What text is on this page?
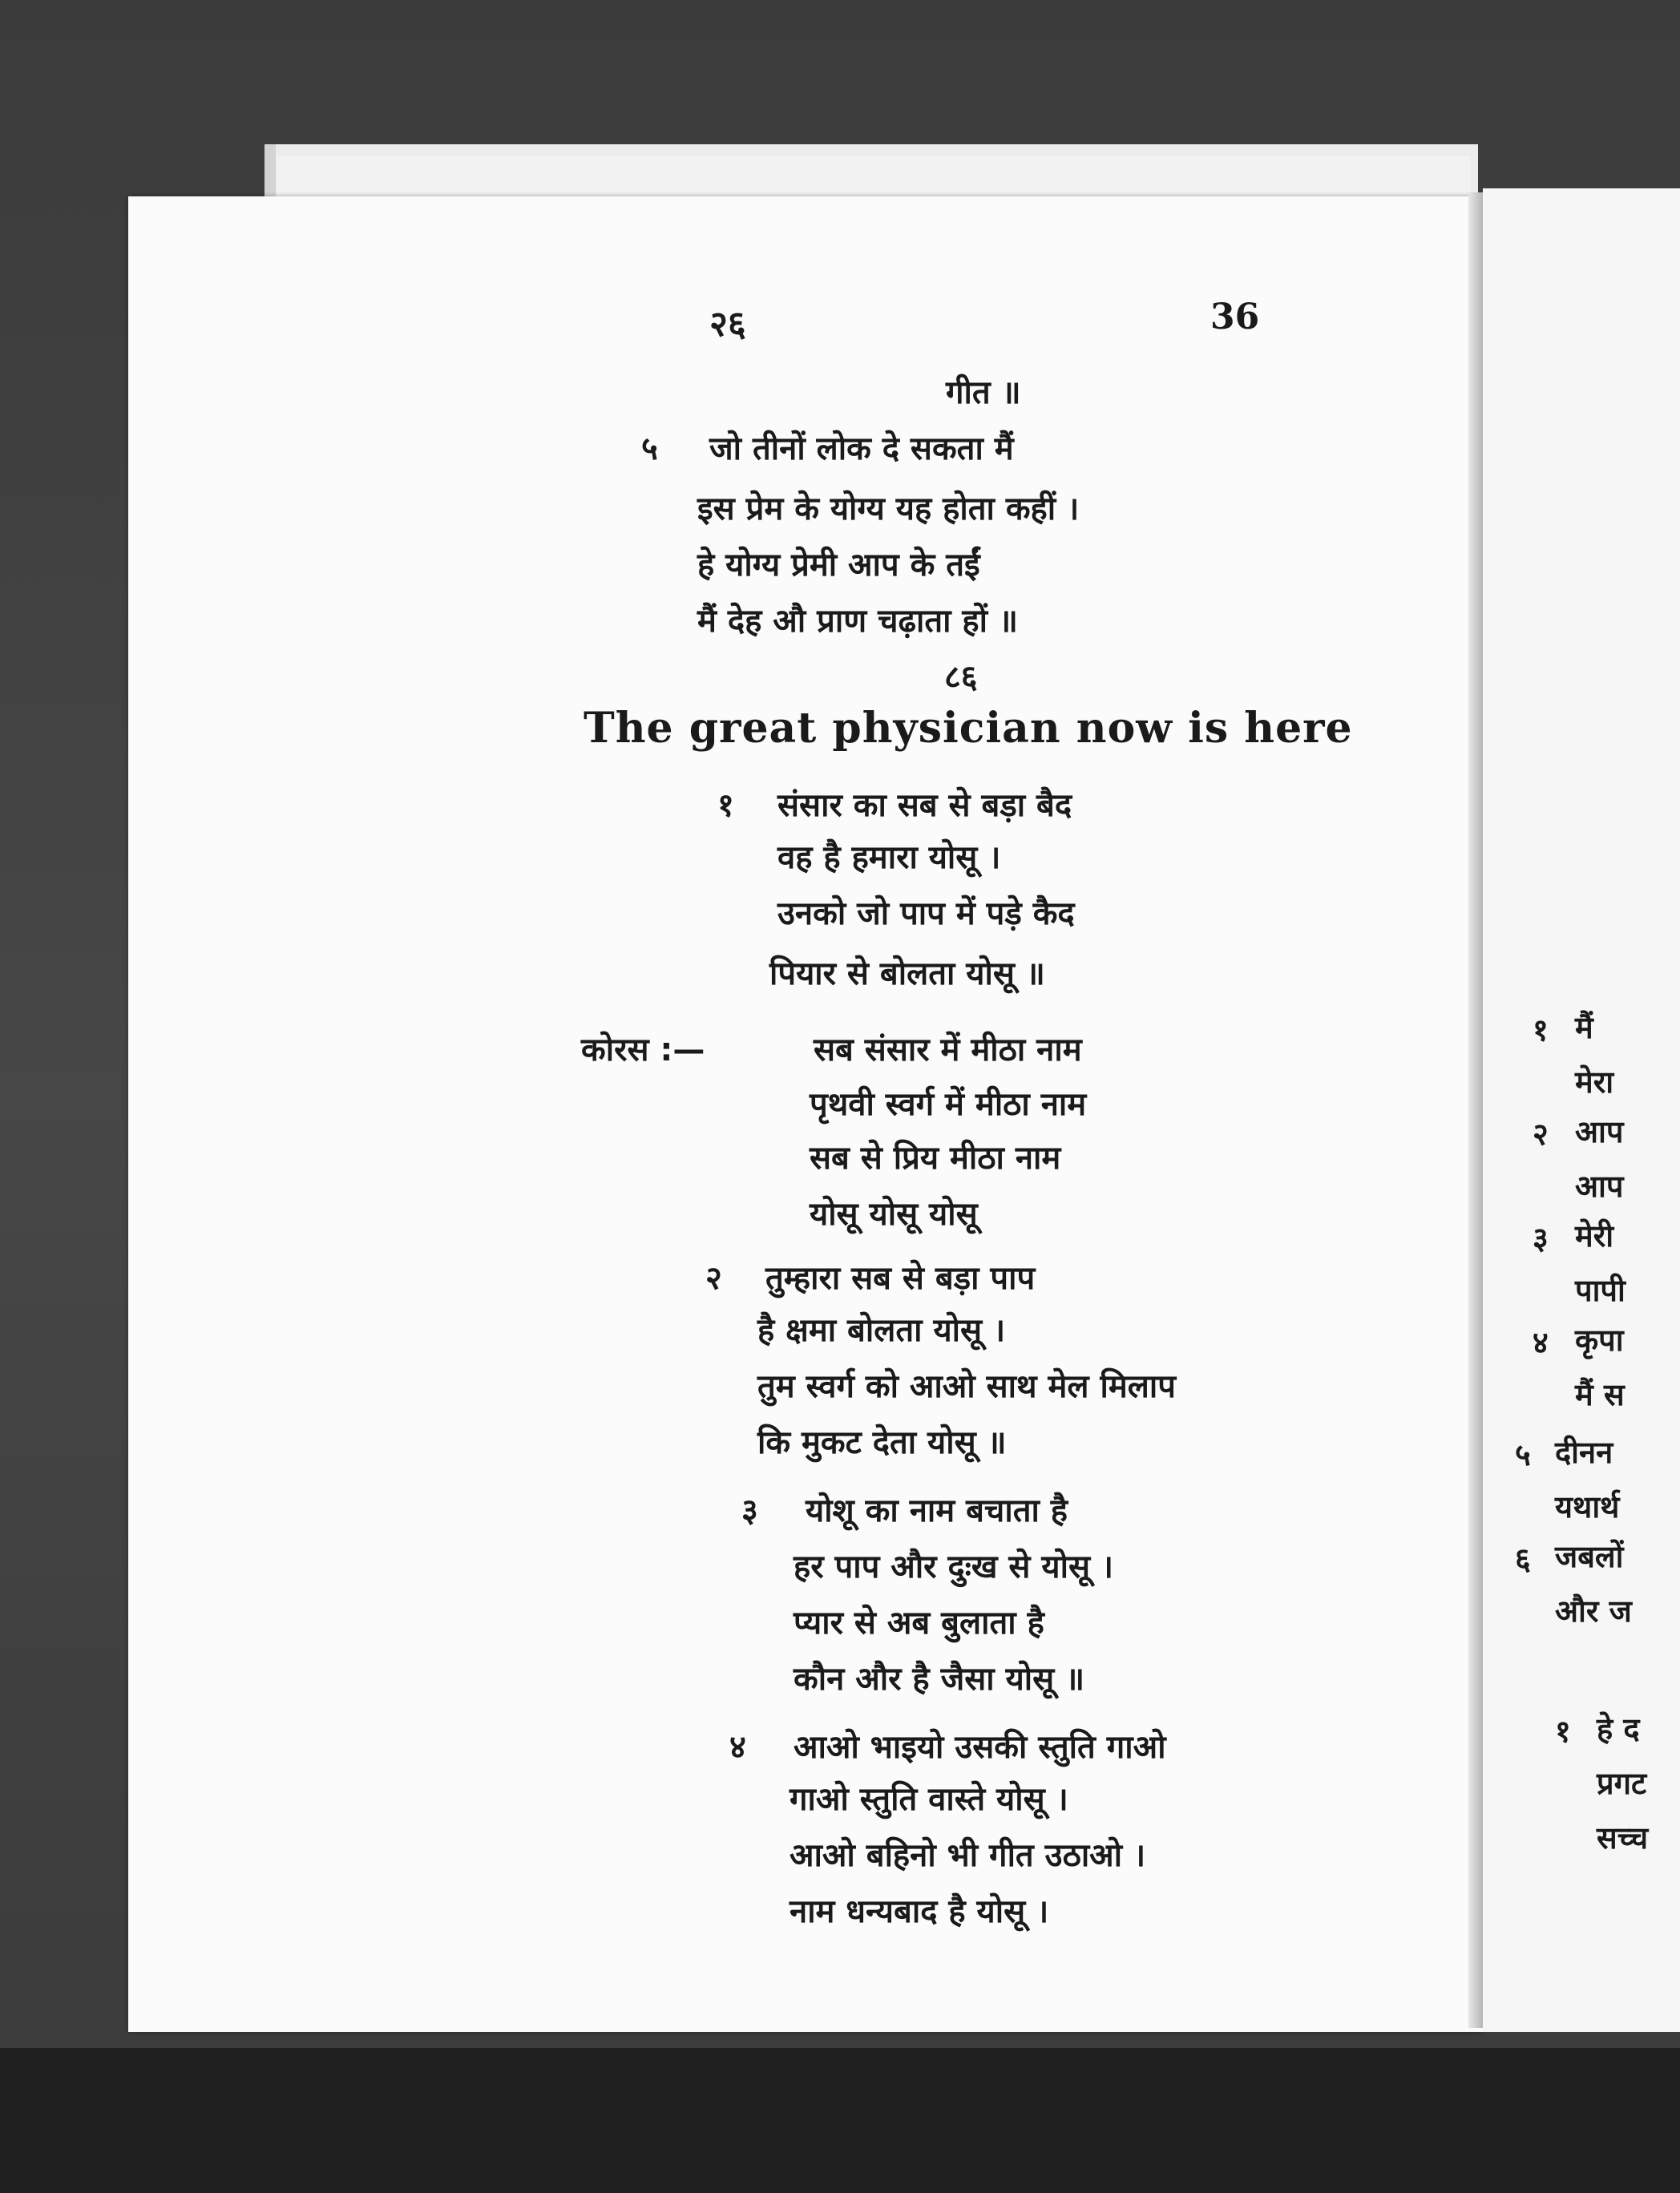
१ मैं
मेरा
२ आप
आप
३ मेरी
पापी
४ कृपा
मैं स
५ दीनन
यथार्थ
६ जबलों
और ज
१ हे द
प्रगट
सच्च
२६	36
गीत ॥
५ जो तीनों लोक दे सकता मैं
इस प्रेम के योग्य यह होता कहीं ।
हे योग्य प्रेमी आप के तईं
मैं देह औ प्राण चढ़ाता हों ॥
८६
The great physician now is here
१ संसार का सब से बड़ा बैद
वह है हमारा योसू ।
उनको जो पाप में पड़े कैद
पियार से बोलता योसू ॥
कोरस :—	सब संसार में मीठा नाम
पृथवी स्वर्ग में मीठा नाम
सब से प्रिय मीठा नाम
योसू योसू योसू
२ तुम्हारा सब से बड़ा पाप
है क्षमा बोलता योसू ।
तुम स्वर्ग को आओ साथ मेल मिलाप
कि मुकट देता योसू ॥
३ योशू का नाम बचाता है
हर पाप और दुःख से योसू ।
प्यार से अब बुलाता है
कौन और है जैसा योसू ॥
४ आओ भाइयो उसकी स्तुति गाओ
गाओ स्तुति वास्ते योसू ।
आओ बहिनो भी गीत उठाओ ।
नाम धन्यबाद है योसू ।
